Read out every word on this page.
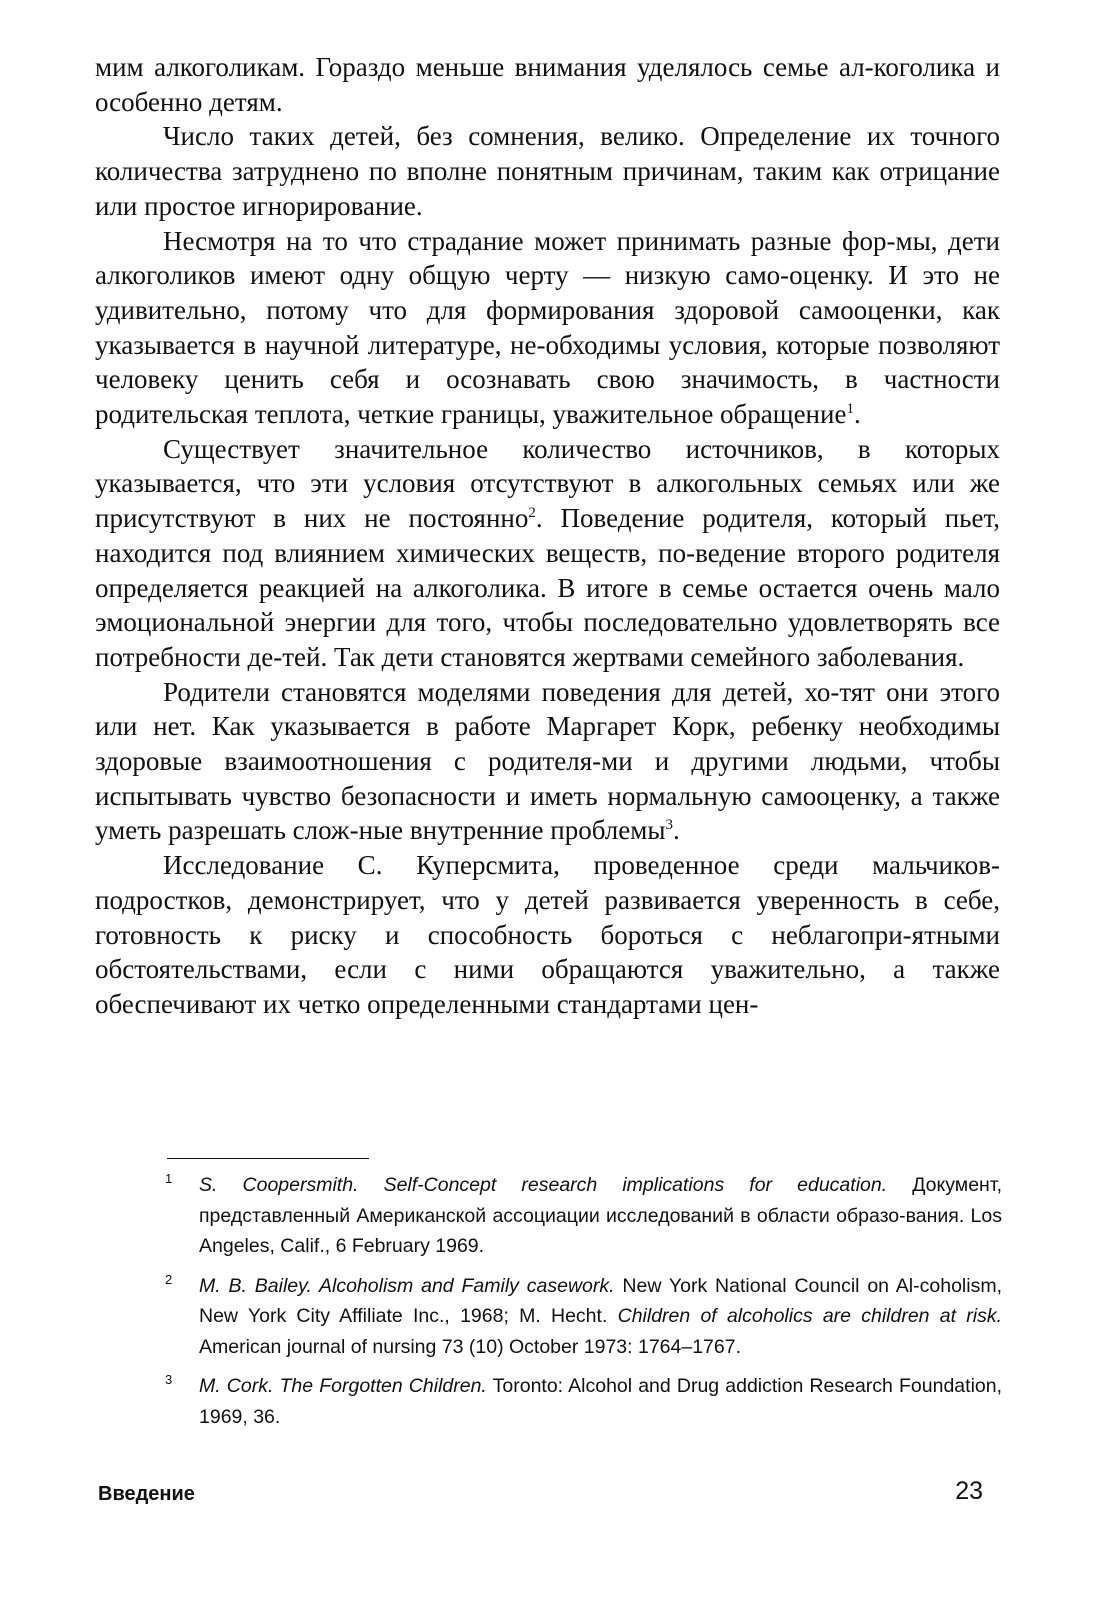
мим алкоголикам. Гораздо меньше внимания уделялось семье ал-коголика и особенно детям.

Число таких детей, без сомнения, велико. Определение их точного количества затруднено по вполне понятным причинам, таким как отрицание или простое игнорирование.

Несмотря на то что страдание может принимать разные фор-мы, дети алкоголиков имеют одну общую черту — низкую само-оценку. И это не удивительно, потому что для формирования здоровой самооценки, как указывается в научной литературе, не-обходимы условия, которые позволяют человеку ценить себя и осознавать свою значимость, в частности родительская теплота, четкие границы, уважительное обращение$^1$.

Существует значительное количество источников, в которых указывается, что эти условия отсутствуют в алкогольных семьях или же присутствуют в них не постоянно$^2$. Поведение родителя, который пьет, находится под влиянием химических веществ, по-ведение второго родителя определяется реакцией на алкоголика. В итоге в семье остается очень мало эмоциональной энергии для того, чтобы последовательно удовлетворять все потребности де-тей. Так дети становятся жертвами семейного заболевания.

Родители становятся моделями поведения для детей, хо-тят они этого или нет. Как указывается в работе Маргарет Корк, ребенку необходимы здоровые взаимоотношения с родителя-ми и другими людьми, чтобы испытывать чувство безопасности и иметь нормальную самооценку, а также уметь разрешать слож-ные внутренние проблемы$^3$.

Исследование С. Куперсмита, проведенное среди мальчиков-подростков, демонстрирует, что у детей развивается уверенность в себе, готовность к риску и способность бороться с неблагопри-ятными обстоятельствами, если с ними обращаются уважительно, а также обеспечивают их четко определенными стандартами цен-

1 S. Coopersmith. Self-Concept research implications for education. Документ, представленный Американской ассоциации исследований в области образо-вания. Los Angeles, Calif., 6 February 1969.
2 M. B. Bailey. Alcoholism and Family casework. New York National Council on Al-coholism, New York City Affiliate Inc., 1968; M. Hecht. Children of alcoholics are children at risk. American journal of nursing 73 (10) October 1973: 1764–1767.
3 M. Cork. The Forgotten Children. Toronto: Alcohol and Drug addiction Research Foundation, 1969, 36.
Введение	23
